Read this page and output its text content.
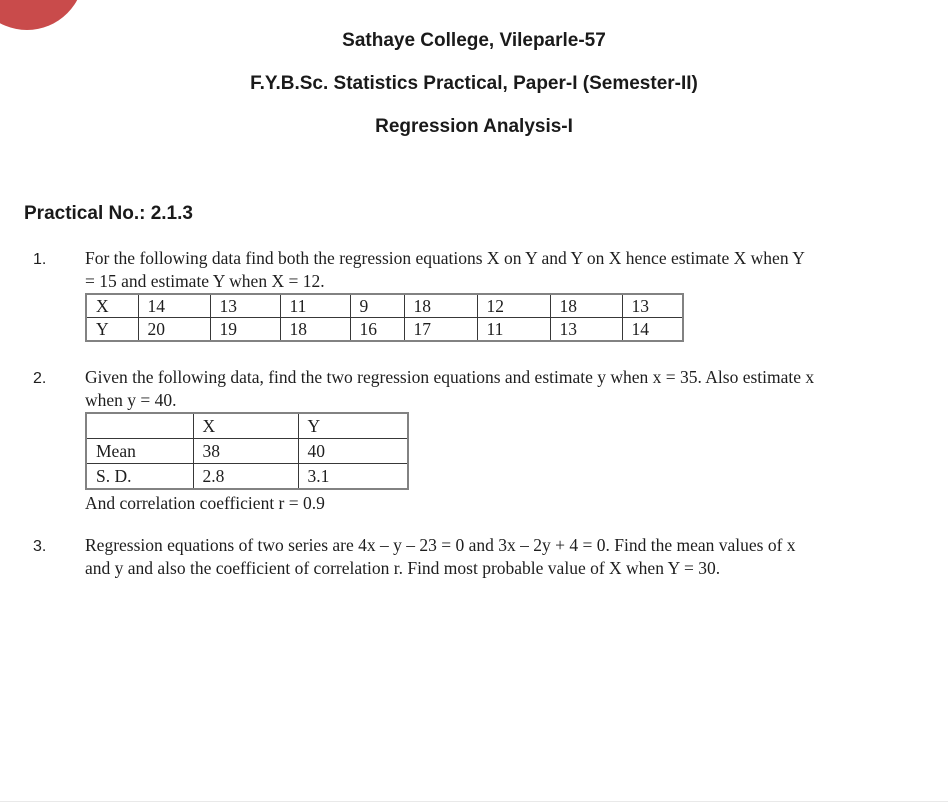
Sathaye College, Vileparle-57
F.Y.B.Sc. Statistics Practical, Paper-I (Semester-II)
Regression Analysis-I
Practical No.: 2.1.3
1.	For the following data find both the regression equations X on Y and Y on X hence estimate X when Y
= 15 and estimate Y when X = 12.
X	14	13	11	9	18	12	18	13
Y	20	19	18	16	17	11	13	14
2.	Given the following data, find the two regression equations and estimate y when x = 35. Also estimate x
when y = 40.
	X	Y
Mean	38	40
S. D.	2.8	3.1
And correlation coefficient r = 0.9
3.	Regression equations of two series are 4x – y – 23 = 0 and 3x – 2y + 4 = 0. Find the mean values of x
and y and also the coefficient of correlation r. Find most probable value of X when Y = 30.
